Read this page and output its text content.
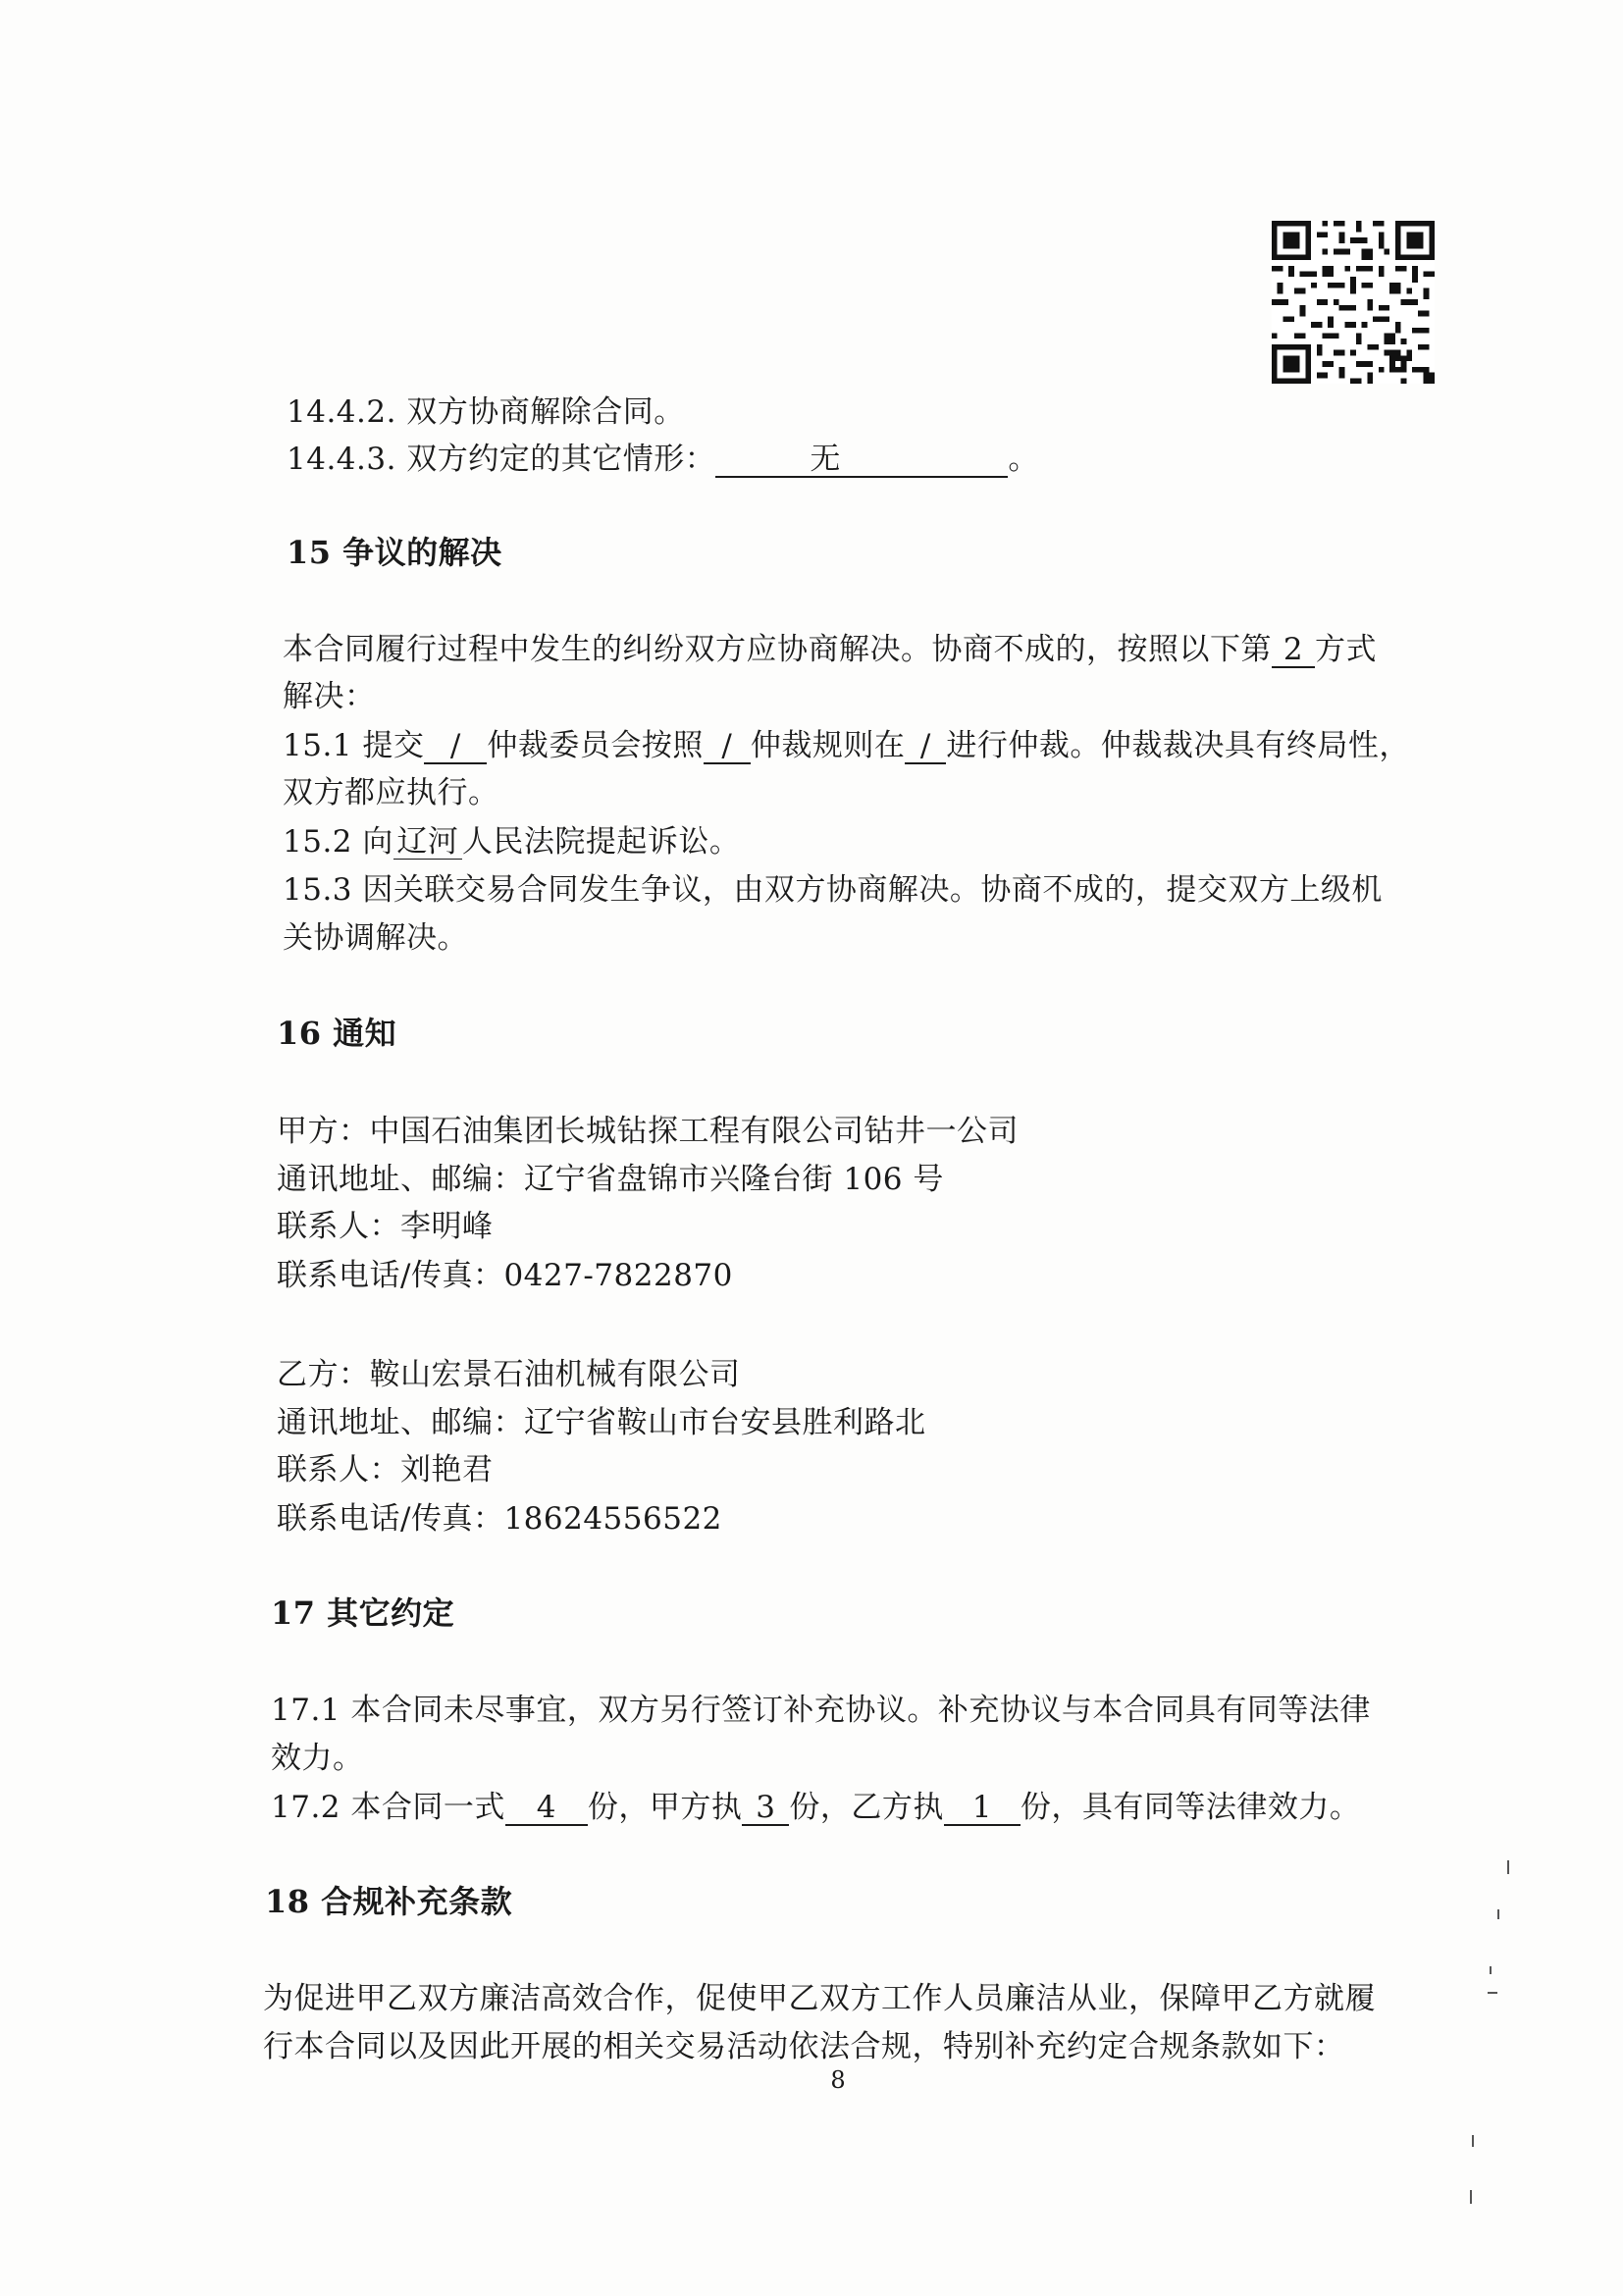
14.4.2. 双方协商解除合同。
14.4.3. 双方约定的其它情形：	无	。
15 争议的解决
本合同履行过程中发生的纠纷双方应协商解决。协商不成的，按照以下第 2 方式
解决：
15.1 提交 / 仲裁委员会按照 / 仲裁规则在 / 进行仲裁。仲裁裁决具有终局性，
双方都应执行。
15.2 向 辽河 人民法院提起诉讼。
15.3 因关联交易合同发生争议，由双方协商解决。协商不成的，提交双方上级机
关协调解决。
16 通知
甲方：中国石油集团长城钻探工程有限公司钻井一公司
通讯地址、邮编：辽宁省盘锦市兴隆台街 106 号
联系人：李明峰
联系电话/传真：0427-7822870
乙方：鞍山宏景石油机械有限公司
通讯地址、邮编：辽宁省鞍山市台安县胜利路北
联系人：刘艳君
联系电话/传真：18624556522
17 其它约定
17.1 本合同未尽事宜，双方另行签订补充协议。补充协议与本合同具有同等法律
效力。
17.2 本合同一式 4 份，甲方执 3 份，乙方执 1 份，具有同等法律效力。
18 合规补充条款
为促进甲乙双方廉洁高效合作，促使甲乙双方工作人员廉洁从业，保障甲乙方就履
行本合同以及因此开展的相关交易活动依法合规，特别补充约定合规条款如下：
8
